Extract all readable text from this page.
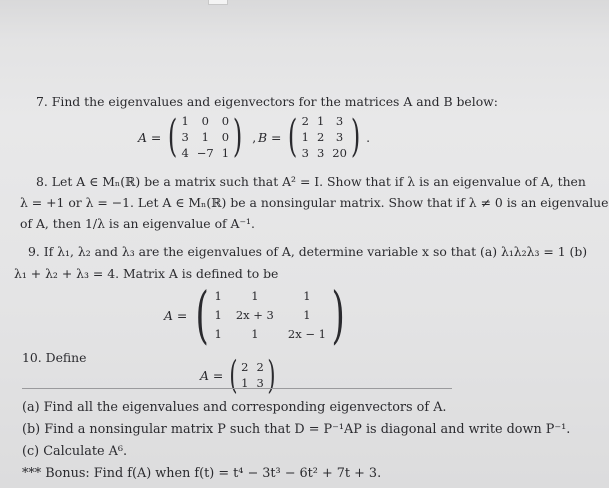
7. Find the eigenvalues and eigenvectors for the matrices A and B below:
A = ( 1	0	0
3	1	0
4 −7 1 ) , B = ( 2 1	3
1 2	3
3 3 20 ) .
8. Let A ∈ Mₙ(ℝ) be a matrix such that A² = I. Show that if λ is an eigenvalue of A, then
λ = +1 or λ = −1. Let A ∈ Mₙ(ℝ) be a nonsingular matrix. Show that if λ ≠ 0 is an eigenvalue
of A, then 1/λ is an eigenvalue of A⁻¹.
9. If λ₁, λ₂ and λ₃ are the eigenvalues of A, determine variable x so that (a) λ₁λ₂λ₃ = 1 (b)
λ₁ + λ₂ + λ₃ = 4. Matrix A is defined to be
A = ( 1	1	1
1 2x + 3	1
1	1	2x − 1 )
10. Define
A = ( 2 2
1 3 )
(a) Find all the eigenvalues and corresponding eigenvectors of A.
(b) Find a nonsingular matrix P such that D = P⁻¹AP is diagonal and write down P⁻¹.
(c) Calculate A⁶.
*** Bonus: Find f(A) when f(t) = t⁴ − 3t³ − 6t² + 7t + 3.
